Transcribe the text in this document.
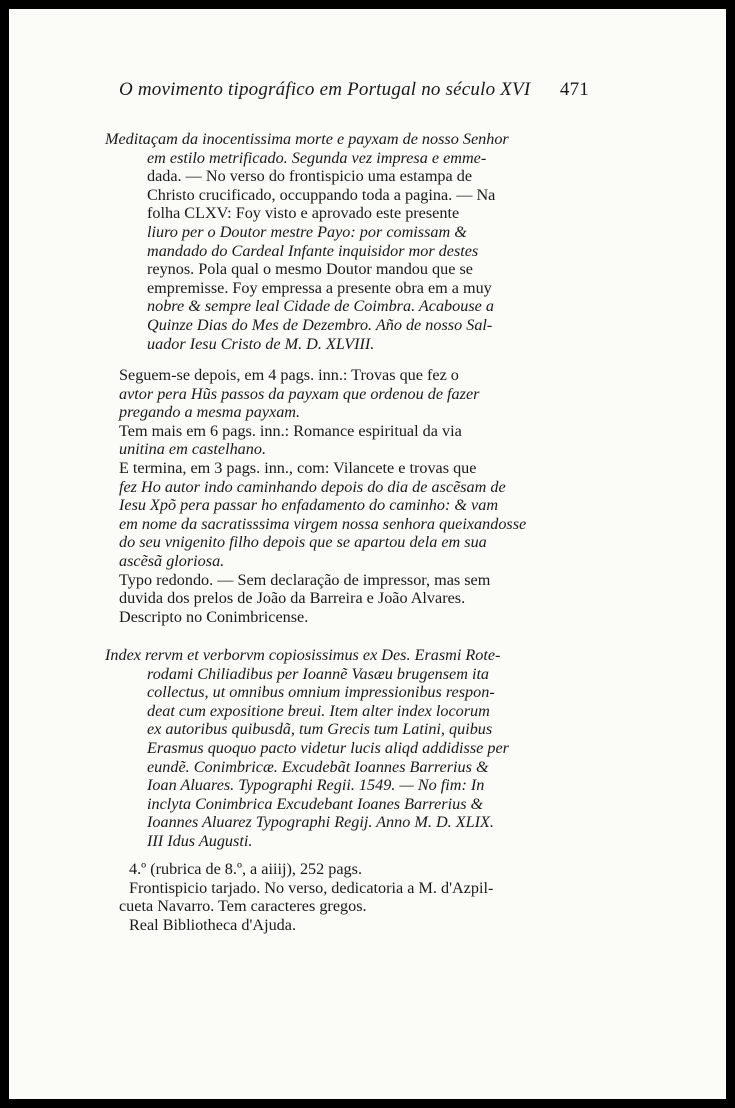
O movimento tipográfico em Portugal no século XVI 471
Meditaçam da inocentissima morte e payxam de nosso Senhor
em estilo metrificado. Segunda vez impresa e emme-
dada. — No verso do frontispicio uma estampa de
Christo crucificado, occuppando toda a pagina. — Na
folha CLXV: Foy visto e aprovado este presente
liuro per o Doutor mestre Payo: por comissam &
mandado do Cardeal Infante inquisidor mor destes
reynos. Pola qual o mesmo Doutor mandou que se
empremisse. Foy empressa a presente obra em a muy
nobre & sempre leal Cidade de Coimbra. Acabouse a
Quinze Dias do Mes de Dezembro. Año de nosso Sal-
uador Iesu Cristo de M. D. XLVIII.
Seguem-se depois, em 4 pags. inn.: Trovas que fez o
avtor pera Hũs passos da payxam que ordenou de fazer
pregando a mesma payxam.
Tem mais em 6 pags. inn.: Romance espiritual da via
unitina em castelhano.
E termina, em 3 pags. inn., com: Vilancete e trovas que
fez Ho autor indo caminhando depois do dia de ascẽsam de
Iesu Xpõ pera passar ho enfadamento do caminho: & vam
em nome da sacratisssima virgem nossa senhora queixandosse
do seu vnigenito filho depois que se apartou dela em sua
ascẽsã gloriosa.
Typo redondo. — Sem declaração de impressor, mas sem
duvida dos prelos de João da Barreira e João Alvares.
Descripto no Conimbricense.
Index rervm et verborvm copiosissimus ex Des. Erasmi Rote-
rodami Chiliadibus per Ioannẽ Vasæu brugensem ita
collectus, ut omnibus omnium impressionibus respon-
deat cum expositione breui. Item alter index locorum
ex autoribus quibusdã, tum Grecis tum Latini, quibus
Erasmus quoquo pacto videtur lucis aliqd addidisse per
eundẽ. Conimbricæ. Excudebãt Ioannes Barrerius &
Ioan Aluares. Typographi Regii. 1549. — No fim: In
inclyta Conimbrica Excudebant Ioanes Barrerius &
Ioannes Aluarez Typographi Regij. Anno M. D. XLIX.
III Idus Augusti.
4.º (rubrica de 8.º, a aiiij), 252 pags.
Frontispicio tarjado. No verso, dedicatoria a M. d'Azpil-
cueta Navarro. Tem caracteres gregos.
Real Bibliotheca d'Ajuda.
